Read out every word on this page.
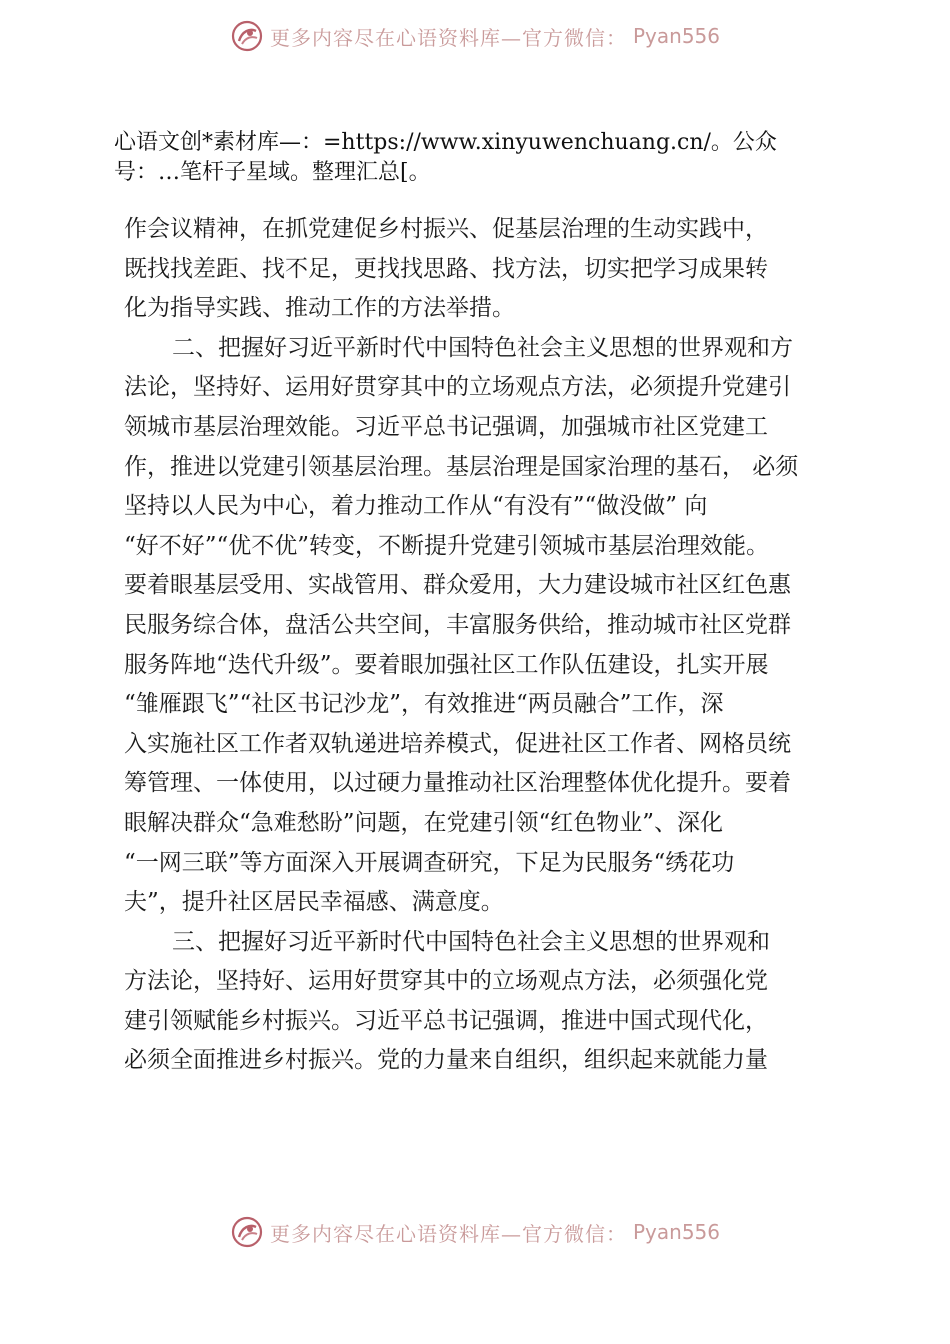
更多内容尽在心语资料库—官方微信： Pyan556
心语文创*素材库—：=https://www.xinyuwenchuang.cn/。公众
号：…笔杆子星域。整理汇总[。
作会议精神，在抓党建促乡村振兴、促基层治理的生动实践中，
既找找差距、找不足，更找找思路、找方法，切实把学习成果转
化为指导实践、推动工作的方法举措。
二、把握好习近平新时代中国特色社会主义思想的世界观和方
法论，坚持好、运用好贯穿其中的立场观点方法，必须提升党建引
领城市基层治理效能。习近平总书记强调，加强城市社区党建工
作，推进以党建引领基层治理。基层治理是国家治理的基石， 必须
坚持以人民为中心，着力推动工作从“有没有”“做没做” 向
“好不好”“优不优”转变，不断提升党建引领城市基层治理效能。
要着眼基层受用、实战管用、群众爱用，大力建设城市社区红色惠
民服务综合体，盘活公共空间，丰富服务供给，推动城市社区党群
服务阵地“迭代升级”。要着眼加强社区工作队伍建设，扎实开展
“雏雁跟飞”“社区书记沙龙”，有效推进“两员融合”工作，深
入实施社区工作者双轨递进培养模式，促进社区工作者、网格员统
筹管理、一体使用，以过硬力量推动社区治理整体优化提升。要着
眼解决群众“急难愁盼”问题，在党建引领“红色物业”、深化
“一网三联”等方面深入开展调查研究，下足为民服务“绣花功
夫”，提升社区居民幸福感、满意度。
三、把握好习近平新时代中国特色社会主义思想的世界观和
方法论，坚持好、运用好贯穿其中的立场观点方法，必须强化党
建引领赋能乡村振兴。习近平总书记强调，推进中国式现代化，
必须全面推进乡村振兴。党的力量来自组织，组织起来就能力量
更多内容尽在心语资料库—官方微信： Pyan556
